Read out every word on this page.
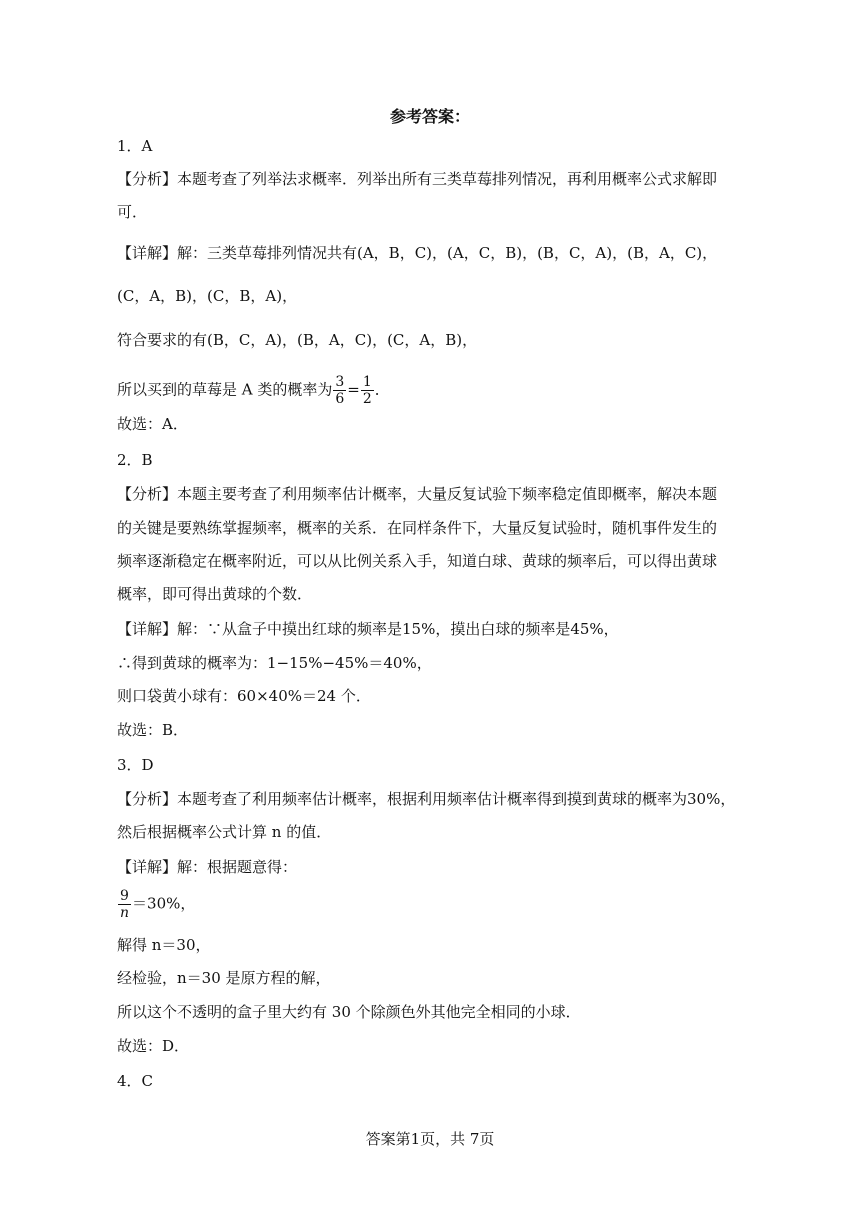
参考答案：
1．A
【分析】本题考查了列举法求概率．列举出所有三类草莓排列情况，再利用概率公式求解即
可．
【详解】解：三类草莓排列情况共有(A，B，C)，(A，C，B)，(B，C，A)，(B，A，C)，
(C，A，B)，(C，B，A)，
符合要求的有(B，C，A)，(B，A，C)，(C，A，B)，
所以买到的草莓是 A 类的概率为 $\frac{3}{6} = \frac{1}{2}$ ．
故选：A．
2．B
【分析】本题主要考查了利用频率估计概率，大量反复试验下频率稳定值即概率，解决本题
的关键是要熟练掌握频率，概率的关系．在同样条件下，大量反复试验时，随机事件发生的
频率逐渐稳定在概率附近，可以从比例关系入手，知道白球、黄球的频率后，可以得出黄球
概率，即可得出黄球的个数．
【详解】解：∵从盒子中摸出红球的频率是15%，摸出白球的频率是45%，
∴得到黄球的概率为：1−15%−45%＝40%，
则口袋黄小球有：60×40%＝24 个．
故选：B．
3．D
【分析】本题考查了利用频率估计概率，根据利用频率估计概率得到摸到黄球的概率为30%，
然后根据概率公式计算 n 的值．
【详解】解：根据题意得：
$\frac{9}{n} =30\%$，
解得 n＝30，
经检验，n＝30 是原方程的解，
所以这个不透明的盒子里大约有 30 个除颜色外其他完全相同的小球．
故选：D．
4．C
答案第1页，共 7页
